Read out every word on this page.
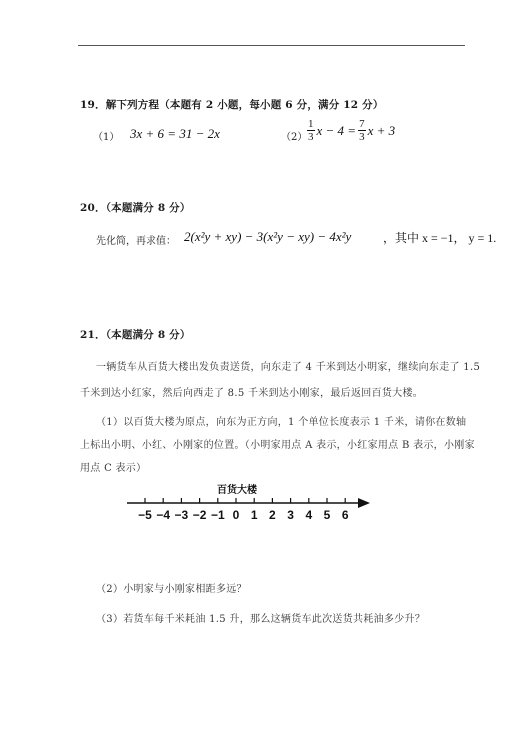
19．解下列方程（本题有 2 小题，每小题 6 分，满分 12 分）
（1） 3x + 6 = 31 − 2x	$(2) \frac{1}{3}$ $x - 4 = \frac{7}{3}$ x + 3
20．（本题满分 8 分）
先化简，再求值： 2(x²y + xy) − 3(x²y − xy) − 4x²y	，其中 x = −1， y = 1.
21．（本题满分 8 分）
一辆货车从百货大楼出发负责送货，向东走了 4 千米到达小明家，继续向东走了 1.5
千米到达小红家，然后向西走了 8.5 千米到达小刚家，最后返回百货大楼。
（1）以百货大楼为原点，向东为正方向，1 个单位长度表示 1 千米，请你在数轴
上标出小明、小红、小刚家的位置。（小明家用点 A 表示，小红家用点 B 表示，小刚家
用点 C 表示）
百货大楼
−5 −4 −3 −2 −1 0 1 2 3 4 5 6
（2）小明家与小刚家相距多远？
（3）若货车每千米耗油 1.5 升，那么这辆货车此次送货共耗油多少升？
